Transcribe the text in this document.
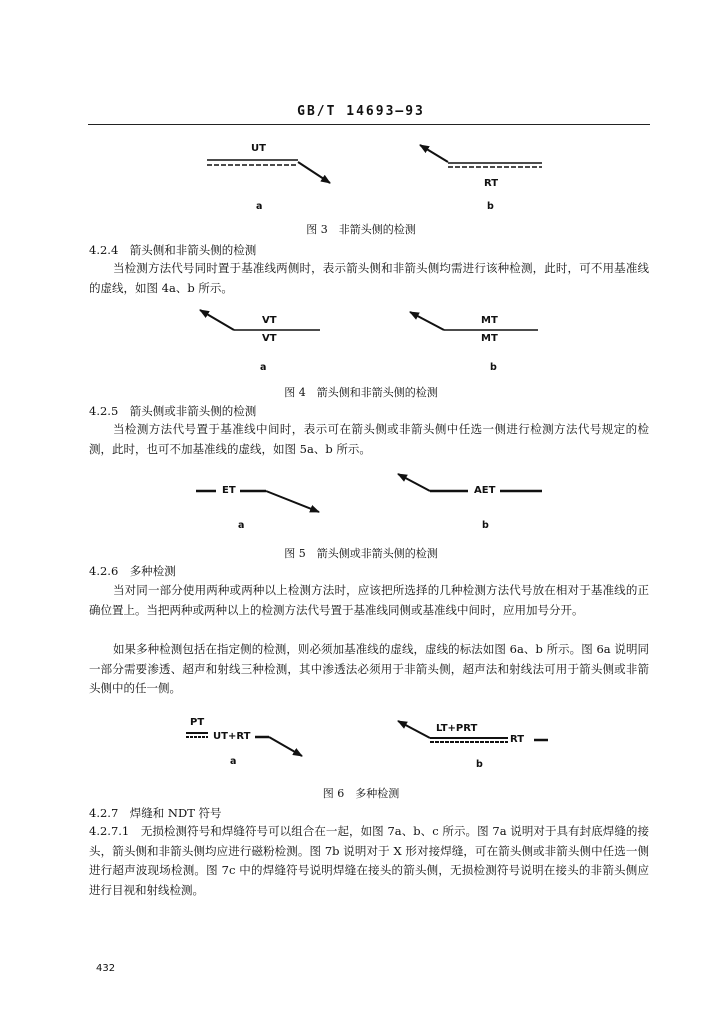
GB/T 14693—93
UT
RT
a	b
图 3　非箭头侧的检测
4.2.4　箭头侧和非箭头侧的检测
当检测方法代号同时置于基准线两侧时，表示箭头侧和非箭头侧均需进行该种检测，此时，可不用基准线的虚线，如图 4a、b 所示。
VT
VT
MT
MT
a	b
图 4　箭头侧和非箭头侧的检测
4.2.5　箭头侧或非箭头侧的检测
当检测方法代号置于基准线中间时，表示可在箭头侧或非箭头侧中任选一侧进行检测方法代号规定的检测，此时，也可不加基准线的虚线，如图 5a、b 所示。
ET	AET
a	b
图 5　箭头侧或非箭头侧的检测
4.2.6　多种检测
当对同一部分使用两种或两种以上检测方法时，应该把所选择的几种检测方法代号放在相对于基准线的正确位置上。当把两种或两种以上的检测方法代号置于基准线同侧或基准线中间时，应用加号分开。
如果多种检测包括在指定侧的检测，则必须加基准线的虚线，虚线的标法如图 6a、b 所示。图 6a 说明同一部分需要渗透、超声和射线三种检测，其中渗透法必须用于非箭头侧，超声法和射线法可用于箭头侧或非箭头侧中的任一侧。
PT
UT+RT
LT+PRT
RT
a	b
图 6　多种检测
4.2.7　焊缝和 NDT 符号
4.2.7.1　无损检测符号和焊缝符号可以组合在一起，如图 7a、b、c 所示。图 7a 说明对于具有封底焊缝的接头，箭头侧和非箭头侧均应进行磁粉检测。图 7b 说明对于 X 形对接焊缝，可在箭头侧或非箭头侧中任选一侧进行超声波现场检测。图 7c 中的焊缝符号说明焊缝在接头的箭头侧，无损检测符号说明在接头的非箭头侧应进行目视和射线检测。
432
